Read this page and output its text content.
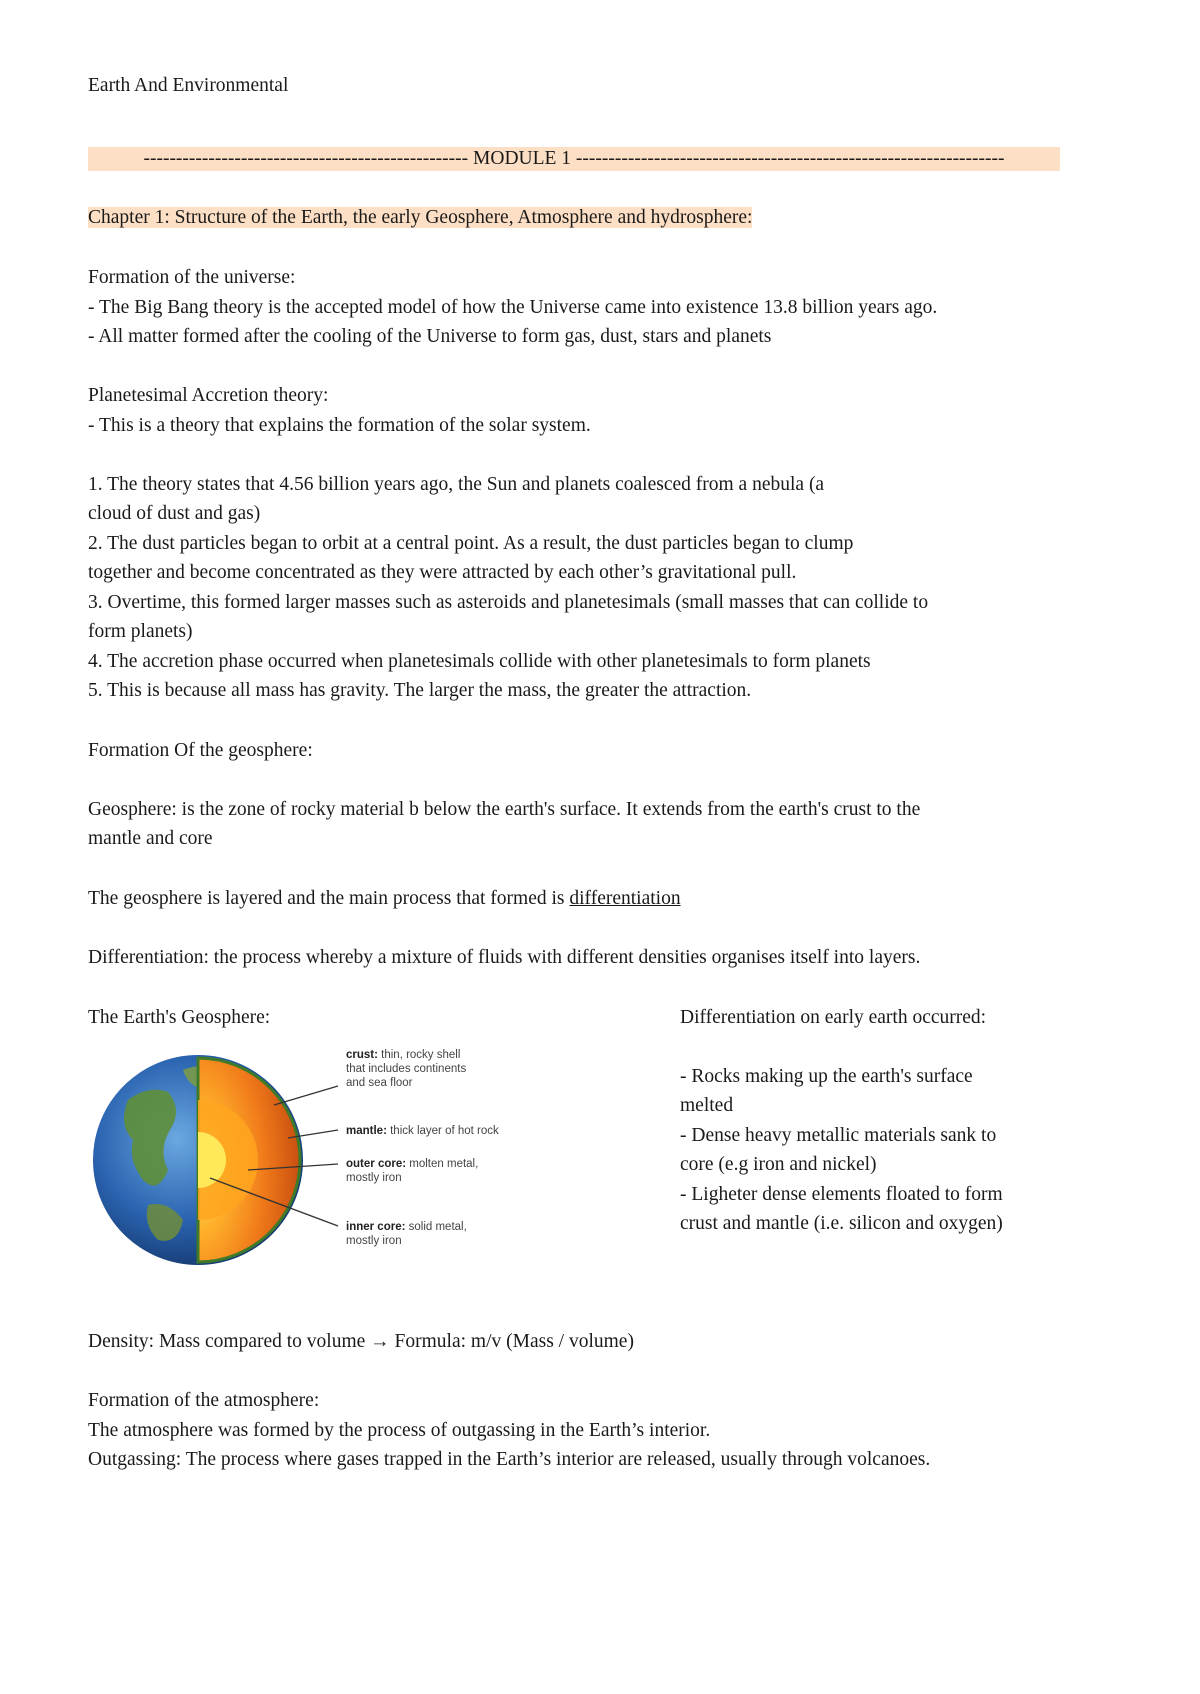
Earth And Environmental
-------------------------------------------------- MODULE 1 ------------------------------------------------------------------
Chapter 1: Structure of the Earth, the early Geosphere, Atmosphere and hydrosphere:
Formation of the universe:
- The Big Bang theory is the accepted model of how the Universe came into existence 13.8 billion years ago.
- All matter formed after the cooling of the Universe to form gas, dust, stars and planets
Planetesimal Accretion theory:
- This is a theory that explains the formation of the solar system.
1. The theory states that 4.56 billion years ago, the Sun and planets coalesced from a nebula (a
cloud of dust and gas)
2. The dust particles began to orbit at a central point. As a result, the dust particles began to clump
together and become concentrated as they were attracted by each other’s gravitational pull.
3. Overtime, this formed larger masses such as asteroids and planetesimals (small masses that can collide to
form planets)
4. The accretion phase occurred when planetesimals collide with other planetesimals to form planets
5. This is because all mass has gravity. The larger the mass, the greater the attraction.
Formation Of the geosphere:
Geosphere: is the zone of rocky material b below the earth's surface. It extends from the earth's crust to the
mantle and core
The geosphere is layered and the main process that formed is differentiation
Differentiation: the process whereby a mixture of fluids with different densities organises itself into layers.
The Earth's Geosphere:	Differentiation on early earth occurred:
crust: thin, rocky shell
that includes continents
and sea floor
mantle: thick layer of hot rock
outer core: molten metal,
mostly iron
inner core: solid metal,
mostly iron
- Rocks making up the earth's surface
melted
- Dense heavy metallic materials sank to
core (e.g iron and nickel)
- Ligheter dense elements floated to form
crust and mantle (i.e. silicon and oxygen)
Density: Mass compared to volume → Formula: m/v (Mass / volume)
Formation of the atmosphere:
The atmosphere was formed by the process of outgassing in the Earth’s interior.
Outgassing: The process where gases trapped in the Earth’s interior are released, usually through volcanoes.
